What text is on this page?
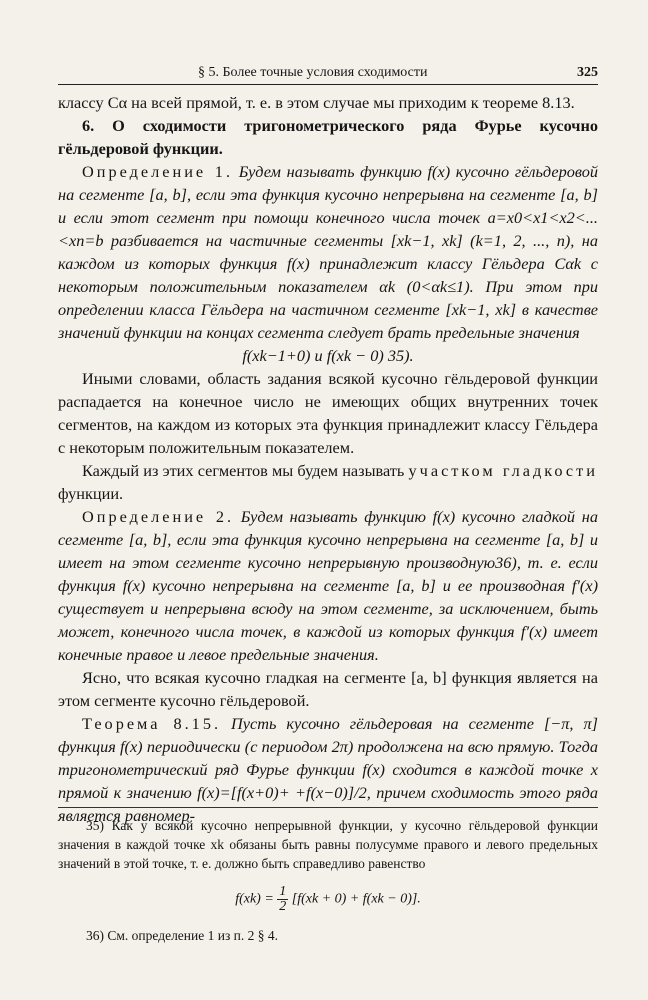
§ 5. Более точные условия сходимости	325

классу Cα на всей прямой, т. е. в этом случае мы приходим к теореме 8.13.

6. О сходимости тригонометрического ряда Фурье кусочно гёльдеровой функции.

Определение 1. Будем называть функцию f(x) кусочно гёльдеровой на сегменте [a, b], если эта функция кусочно непрерывна на сегменте [a, b] и если этот сегмент при помощи конечного числа точек a=x0<x1<x2<...<xn=b разбивается на частичные сегменты [xk−1, xk] (k=1, 2, ..., n), на каждом из которых функция f(x) принадлежит классу Гёльдера Cαk с некоторым положительным показателем αk (0<αk≤1). При этом при определении класса Гёльдера на частичном сегменте [xk−1, xk] в качестве значений функции на концах сегмента следует брать предельные значения

f(xk−1+0) и f(xk − 0) 35).

Иными словами, область задания всякой кусочно гёльдеровой функции распадается на конечное число не имеющих общих внутренних точек сегментов, на каждом из которых эта функция принадлежит классу Гёльдера с некоторым положительным показателем.

Каждый из этих сегментов мы будем называть участком гладкости функции.

Определение 2. Будем называть функцию f(x) кусочно гладкой на сегменте [a, b], если эта функция кусочно непрерывна на сегменте [a, b] и имеет на этом сегменте кусочно непрерывную производную36), т. е. если функция f(x) кусочно непрерывна на сегменте [a, b] и ее производная f′(x) существует и непрерывна всюду на этом сегменте, за исключением, быть может, конечного числа точек, в каждой из которых функция f′(x) имеет конечные правое и левое предельные значения.

Ясно, что всякая кусочно гладкая на сегменте [a, b] функция является на этом сегменте кусочно гёльдеровой.

Теорема 8.15. Пусть кусочно гёльдеровая на сегменте [−π, π] функция f(x) периодически (с периодом 2π) продолжена на всю прямую. Тогда тригонометрический ряд Фурье функции f(x) сходится в каждой точке x прямой к значению f(x)=[f(x+0)+ +f(x−0)]/2, причем сходимость этого ряда является равномер-

35) Как у всякой кусочно непрерывной функции, у кусочно гёльдеровой функции значения в каждой точке xk обязаны быть равны полусумме правого и левого предельных значений в этой точке, т. е. должно быть справедливо равенство

$f(xk) = \frac{1}{2} [f(xk + 0) + f(xk - 0)]$.

36) См. определение 1 из п. 2 § 4.
